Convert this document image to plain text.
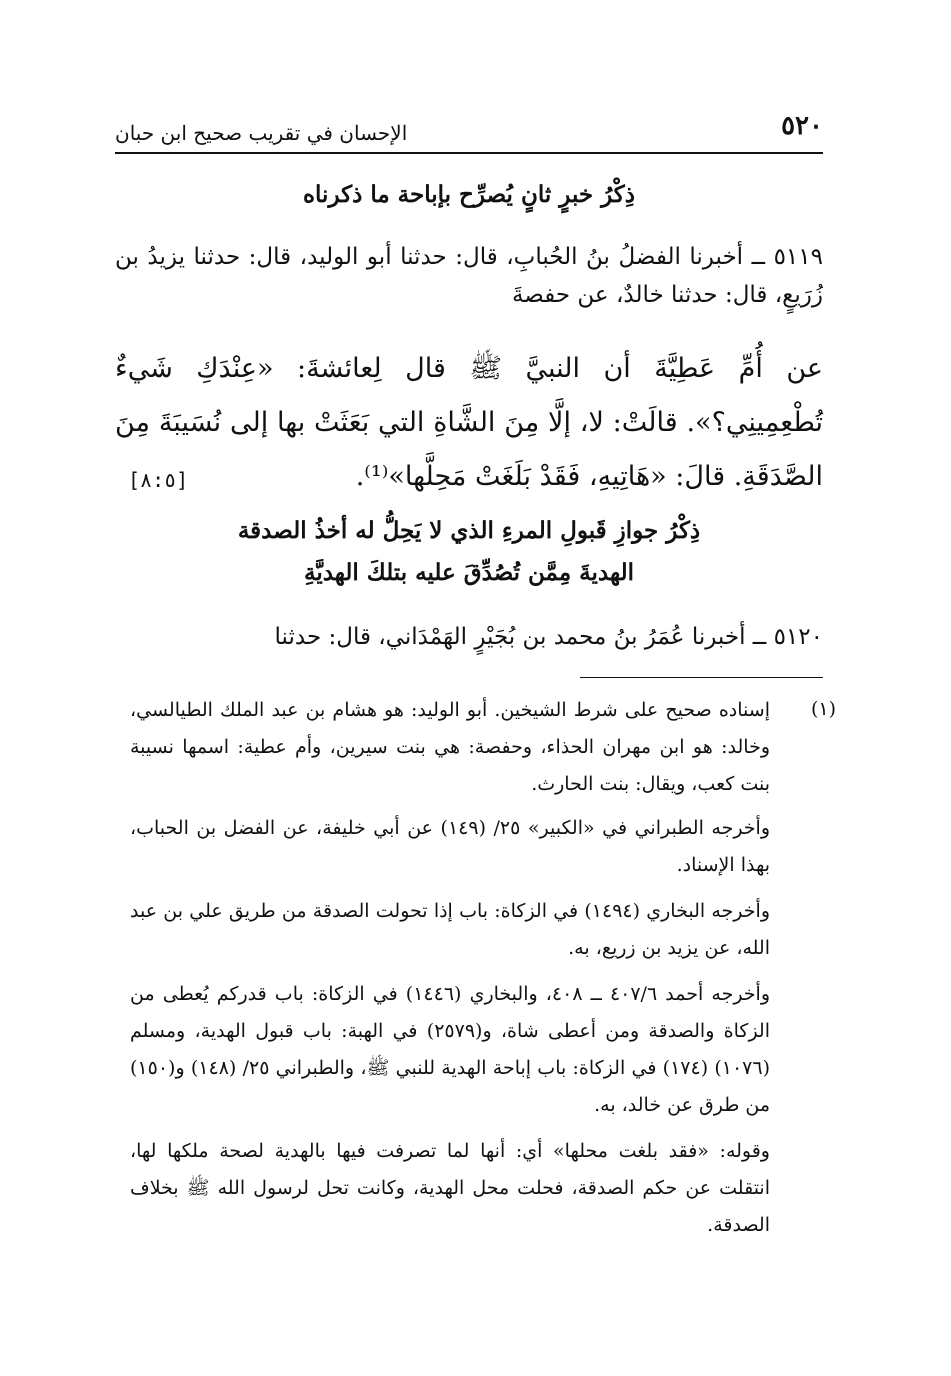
٥٢٠
الإحسان في تقريب صحيح ابن حبان
ذِكْرُ خبرٍ ثانٍ يُصرِّح بإباحة ما ذكرناه
٥١١٩ ــ أخبرنا الفضلُ بنُ الحُبابِ، قال: حدثنا أبو الوليد، قال: حدثنا يزيدُ بن زُرَيعٍ، قال: حدثنا خالدٌ، عن حفصةَ
عن أُمِّ عَطِيَّةَ أن النبيَّ ﷺ قال لِعائشةَ: «عِنْدَكِ شَيءٌ تُطْعِمِينِي؟». قالَتْ: لا، إلَّا مِنَ الشَّاةِ التي بَعَثَتْ بها إلى نُسَيبَةَ مِنَ الصَّدَقَةِ. قالَ: «هَاتِيهِ، فَقَدْ بَلَغَتْ مَحِلَّها»⁽¹⁾.
[٨:٥]
ذِكْرُ جوازِ قَبولِ المرءِ الذي لا يَحِلُّ له أخذُ الصدقة
الهديةَ مِمَّن تُصُدِّقَ عليه بتلكَ الهديَّةِ
٥١٢٠ ــ أخبرنا عُمَرُ بنُ محمد بن بُجَيْرٍ الهَمْدَاني، قال: حدثنا
(١)
إسناده صحيح على شرط الشيخين. أبو الوليد: هو هشام بن عبد الملك الطيالسي، وخالد: هو ابن مهران الحذاء، وحفصة: هي بنت سيرين، وأم عطية: اسمها نسيبة بنت كعب، ويقال: بنت الحارث.
وأخرجه الطبراني في «الكبير» ٢٥/ (١٤٩) عن أبي خليفة، عن الفضل بن الحباب، بهذا الإسناد.
وأخرجه البخاري (١٤٩٤) في الزكاة: باب إذا تحولت الصدقة من طريق علي بن عبد الله، عن يزيد بن زريع، به.
وأخرجه أحمد ٤٠٧/٦ ــ ٤٠٨، والبخاري (١٤٤٦) في الزكاة: باب قدركم يُعطى من الزكاة والصدقة ومن أعطى شاة، و(٢٥٧٩) في الهبة: باب قبول الهدية، ومسلم (١٠٧٦) (١٧٤) في الزكاة: باب إباحة الهدية للنبي ﷺ، والطبراني ٢٥/ (١٤٨) و(١٥٠) من طرق عن خالد، به.
وقوله: «فقد بلغت محلها» أي: أنها لما تصرفت فيها بالهدية لصحة ملكها لها، انتقلت عن حكم الصدقة، فحلت محل الهدية، وكانت تحل لرسول الله ﷺ بخلاف الصدقة.
